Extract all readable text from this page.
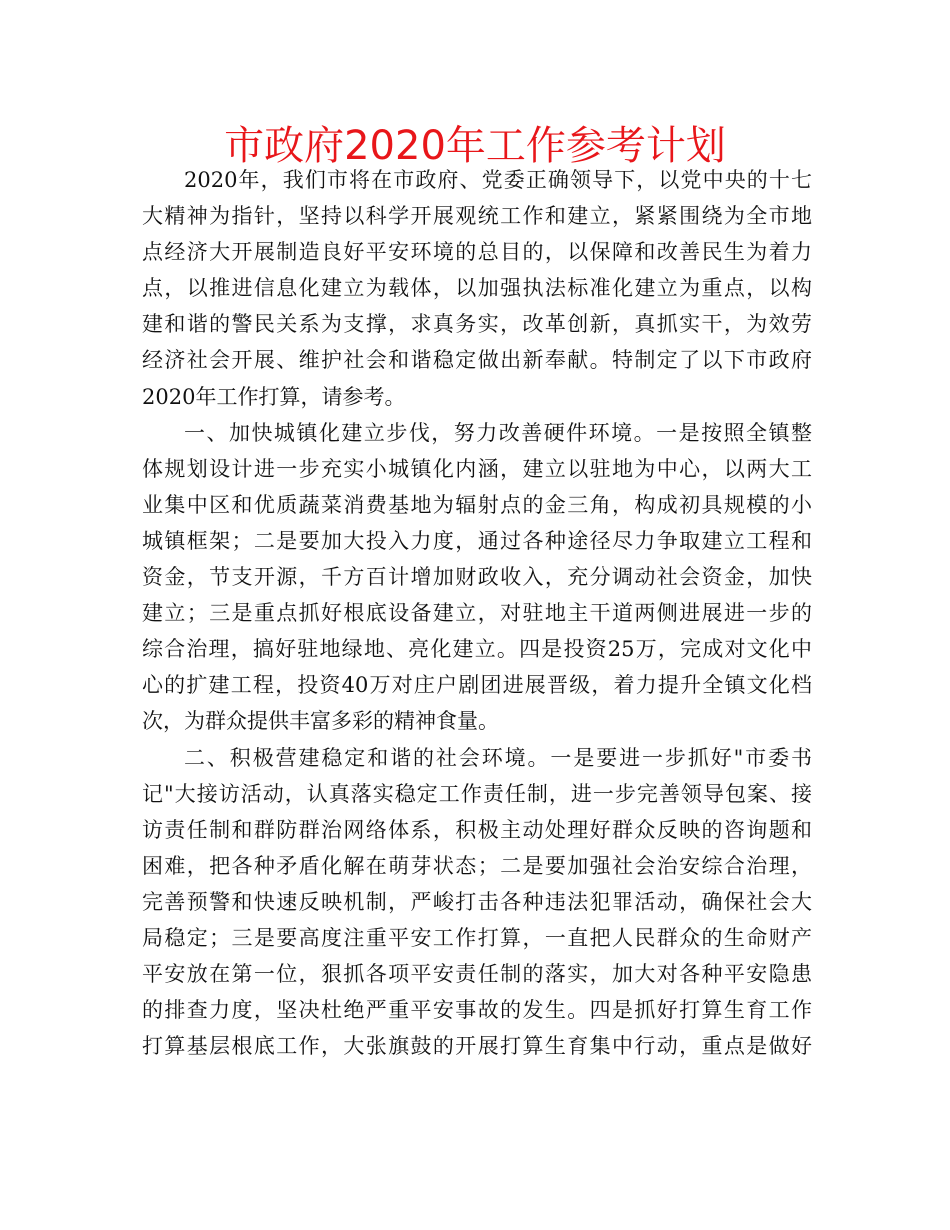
市政府2020年工作参考计划
2020年，我们市将在市政府、党委正确领导下，以党中央的十七
大精神为指针，坚持以科学开展观统工作和建立，紧紧围绕为全市地
点经济大开展制造良好平安环境的总目的，以保障和改善民生为着力
点，以推进信息化建立为载体，以加强执法标准化建立为重点，以构
建和谐的警民关系为支撑，求真务实，改革创新，真抓实干，为效劳
经济社会开展、维护社会和谐稳定做出新奉献。特制定了以下市政府
2020年工作打算，请参考。
一、加快城镇化建立步伐，努力改善硬件环境。一是按照全镇整
体规划设计进一步充实小城镇化内涵，建立以驻地为中心，以两大工
业集中区和优质蔬菜消费基地为辐射点的金三角，构成初具规模的小
城镇框架；二是要加大投入力度，通过各种途径尽力争取建立工程和
资金，节支开源，千方百计增加财政收入，充分调动社会资金，加快
建立；三是重点抓好根底设备建立，对驻地主干道两侧进展进一步的
综合治理，搞好驻地绿地、亮化建立。四是投资25万，完成对文化中
心的扩建工程，投资40万对庄户剧团进展晋级，着力提升全镇文化档
次，为群众提供丰富多彩的精神食量。
二、积极营建稳定和谐的社会环境。一是要进一步抓好"市委书
记"大接访活动，认真落实稳定工作责任制，进一步完善领导包案、接
访责任制和群防群治网络体系，积极主动处理好群众反映的咨询题和
困难，把各种矛盾化解在萌芽状态；二是要加强社会治安综合治理，
完善预警和快速反映机制，严峻打击各种违法犯罪活动，确保社会大
局稳定；三是要高度注重平安工作打算，一直把人民群众的生命财产
平安放在第一位，狠抓各项平安责任制的落实，加大对各种平安隐患
的排查力度，坚决杜绝严重平安事故的发生。四是抓好打算生育工作
打算基层根底工作，大张旗鼓的开展打算生育集中行动，重点是做好
